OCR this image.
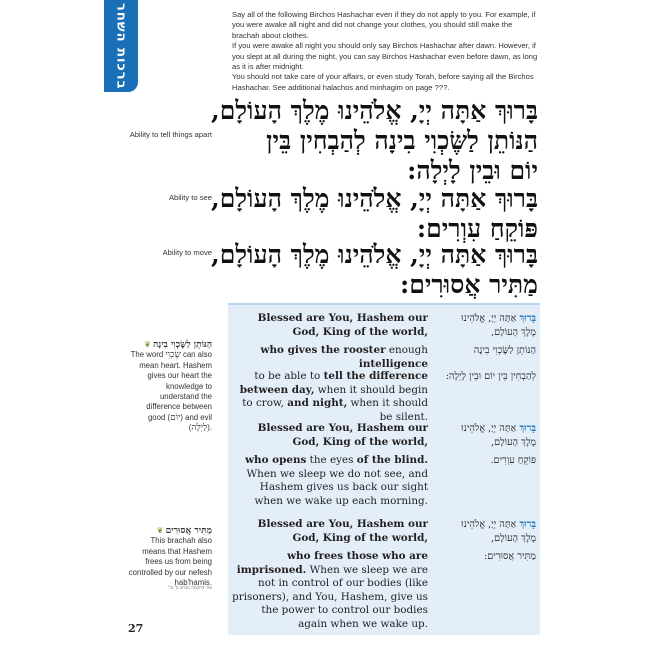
ברכות השחר	Say all of the following Birchos Hashachar even if they do not apply to you. For example, if you were awake all night and did not change your clothes, you should still make the brachah about clothes.

If you were awake all night you should only say Birchos Hashachar after dawn. However, if you slept at all during the night, you can say Birchos Hashachar even before dawn, as long as it is after midnight.

You should not take care of your affairs, or even study Torah, before saying all the Birchos Hashachar. See additional halachos and minhagim on page ???.

Ability to tell things apart
Ability to see
Ability to move
בָּרוּךְ אַתָּה יְיָ, אֱלֹהֵינוּ מֶלֶךְ הָעוֹלָם,
הַנּוֹתֵן לַשֶּׂכְוִי בִינָה לְהַבְחִין בֵּין
יוֹם וּבֵין לָיְלָה:
בָּרוּךְ אַתָּה יְיָ, אֱלֹהֵינוּ מֶלֶךְ הָעוֹלָם,
פּוֹקֵחַ עִוְרִים:
בָּרוּךְ אַתָּה יְיָ, אֱלֹהֵינוּ מֶלֶךְ הָעוֹלָם,
מַתִּיר אֲסוּרִים:
Blessed are You, Hashem our God, King of the world,
בָּרוּךְ אַתָּה יְיָ, אֱלֹהֵינוּ
מֶלֶךְ הָעוֹלָם,
who gives the rooster enough intelligence
הַנּוֹתֵן לַשֶּׂכְוִי בִינָה
to be able to tell the difference between day, when it should begin to crow, and night, when it should be silent.
לְהַבְחִין בֵּין יוֹם וּבֵין לָיְלָה:
Blessed are You, Hashem our God, King of the world,
בָּרוּךְ אַתָּה יְיָ, אֱלֹהֵינוּ
מֶלֶךְ הָעוֹלָם,
who opens the eyes of the blind. When we sleep we do not see, and Hashem gives us back our sight when we wake up each morning.
פּוֹקֵחַ עִוְרִים.
Blessed are You, Hashem our God, King of the world,
בָּרוּךְ אַתָּה יְיָ, אֱלֹהֵינוּ
מֶלֶךְ הָעוֹלָם,
who frees those who are imprisoned. When we sleep we are not in control of our bodies (like prisoners), and You, Hashem, give us the power to control our bodies again when we wake up.
מַתִּיר אֲסוּרִים:
❦ הַנּוֹתֵן לַשֶּׂכְוִי בִינָה
The word שֶׂכְוִי can also mean heart. Hashem gives our heart the knowledge to understand the difference between good (יוֹם) and evil (לַיְלָה).
❦ מַתִּיר אֲסוּרִים
This brachah also means that Hashem frees us from being controlled by our nefesh hab'hamis.
אור החכמה מכתב ס' ס''
27
